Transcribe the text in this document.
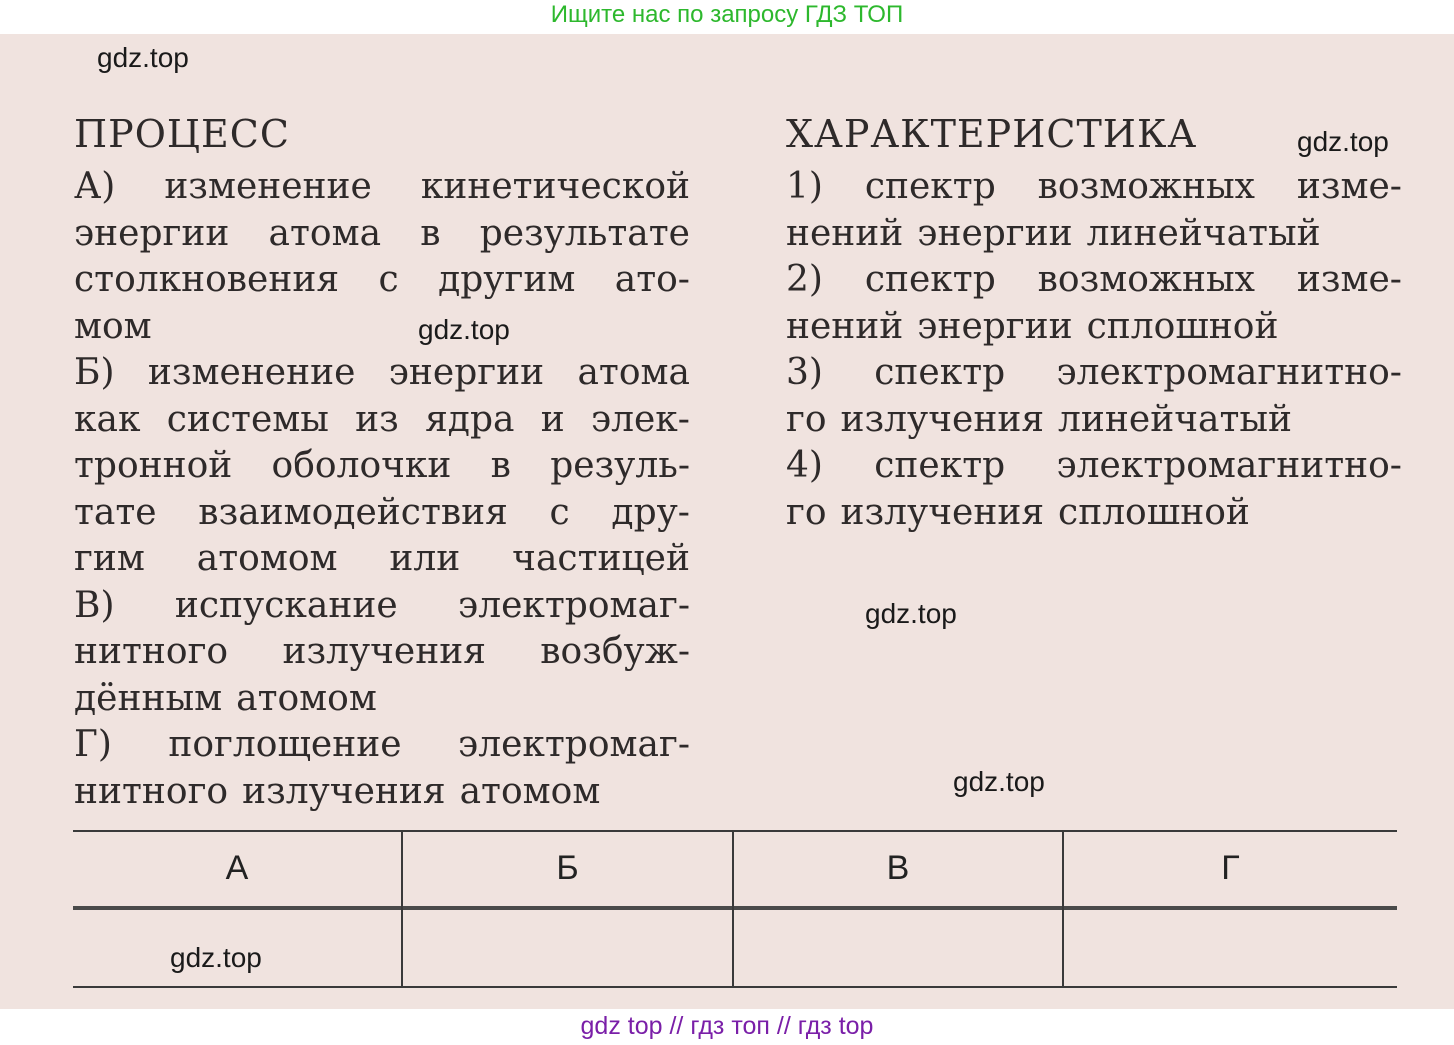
Ищите нас по запросу ГДЗ ТОП
ПРОЦЕСС
А) изменение кинетической
энергии атома в результате
столкновения с другим ато-
мом
Б) изменение энергии атома
как системы из ядра и элек-
тронной оболочки в резуль-
тате взаимодействия с дру-
гим атомом или частицей
В) испускание электромаг-
нитного излучения возбуж-
дённым атомом
Г) поглощение электромаг-
нитного излучения атомом
ХАРАКТЕРИСТИКА
1) спектр возможных изме-
нений энергии линейчатый
2) спектр возможных изме-
нений энергии сплошной
3) спектр электромагнитно-
го излучения линейчатый
4) спектр электромагнитно-
го излучения сплошной
gdz.top
gdz.top
gdz.top
gdz.top
gdz.top
gdz.top
А	Б	В	Г
gdz top // гдз топ // гдз top
